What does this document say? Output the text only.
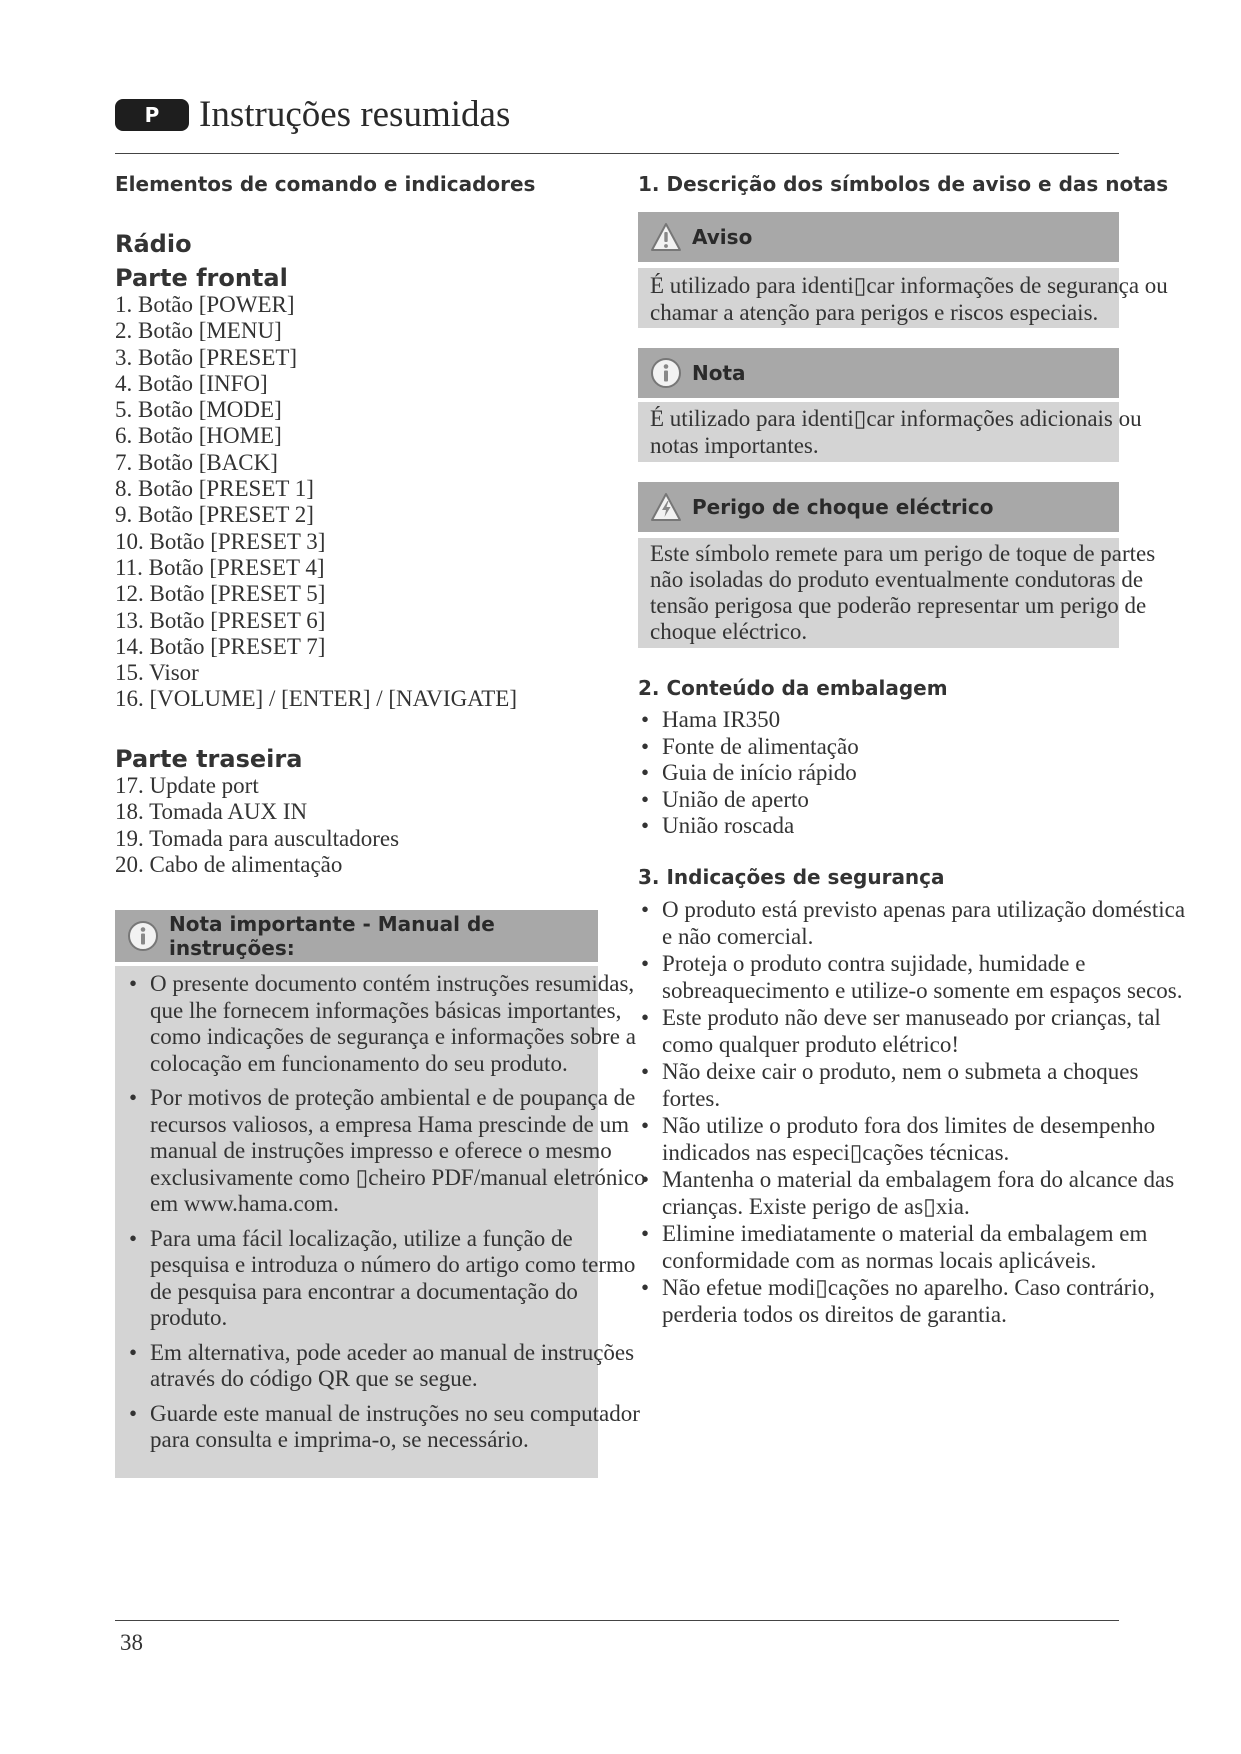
P	Instruções resumidas
Elementos de comando e indicadores
Rádio
Parte frontal
1. Botão [POWER]
2. Botão [MENU]
3. Botão [PRESET]
4. Botão [INFO]
5. Botão [MODE]
6. Botão [HOME]
7. Botão [BACK]
8. Botão [PRESET 1]
9. Botão [PRESET 2]
10. Botão [PRESET 3]
11. Botão [PRESET 4]
12. Botão [PRESET 5]
13. Botão [PRESET 6]
14. Botão [PRESET 7]
15. Visor
16. [VOLUME] / [ENTER] / [NAVIGATE]
Parte traseira
17. Update port
18. Tomada AUX IN
19. Tomada para auscultadores
20. Cabo de alimentação
Nota importante - Manual de instruções:
• O presente documento contém instruções resumidas, que lhe fornecem informações básicas importantes, como indicações de segurança e informações sobre a colocação em funcionamento do seu produto.
• Por motivos de proteção ambiental e de poupança de recursos valiosos, a empresa Hama prescinde de um manual de instruções impresso e oferece o mesmo exclusivamente como ▯cheiro PDF/manual eletrónico em www.hama.com.
• Para uma fácil localização, utilize a função de pesquisa e introduza o número do artigo como termo de pesquisa para encontrar a documentação do produto.
• Em alternativa, pode aceder ao manual de instruções através do código QR que se segue.
• Guarde este manual de instruções no seu computador para consulta e imprima-o, se necessário.
1. Descrição dos símbolos de aviso e das notas
Aviso
É utilizado para identi▯car informações de segurança ou chamar a atenção para perigos e riscos especiais.
Nota
É utilizado para identi▯car informações adicionais ou notas importantes.
Perigo de choque eléctrico
Este símbolo remete para um perigo de toque de partes não isoladas do produto eventualmente condutoras de tensão perigosa que poderão representar um perigo de choque eléctrico.
2. Conteúdo da embalagem
• Hama IR350
• Fonte de alimentação
• Guia de início rápido
• União de aperto
• União roscada
3. Indicações de segurança
• O produto está previsto apenas para utilização doméstica e não comercial.
• Proteja o produto contra sujidade, humidade e sobreaquecimento e utilize-o somente em espaços secos.
• Este produto não deve ser manuseado por crianças, tal como qualquer produto elétrico!
• Não deixe cair o produto, nem o submeta a choques fortes.
• Não utilize o produto fora dos limites de desempenho indicados nas especi▯cações técnicas.
• Mantenha o material da embalagem fora do alcance das crianças. Existe perigo de as▯xia.
• Elimine imediatamente o material da embalagem em conformidade com as normas locais aplicáveis.
• Não efetue modi▯cações no aparelho. Caso contrário, perderia todos os direitos de garantia.
38
